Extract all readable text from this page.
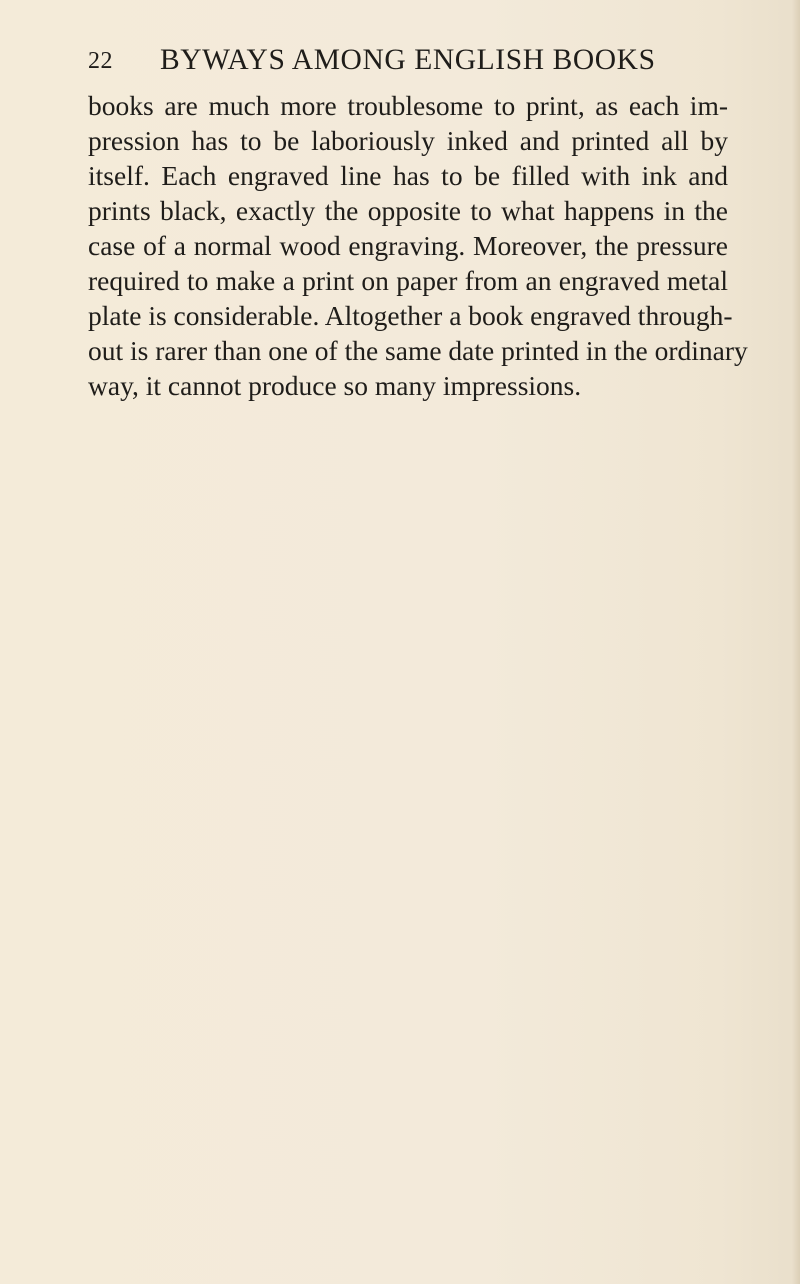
22 BYWAYS AMONG ENGLISH BOOKS
books are much more troublesome to print, as each im-
pression has to be laboriously inked and printed all by
itself. Each engraved line has to be filled with ink and
prints black, exactly the opposite to what happens in the
case of a normal wood engraving. Moreover, the pressure
required to make a print on paper from an engraved metal
plate is considerable. Altogether a book engraved through-
out is rarer than one of the same date printed in the ordinary
way, it cannot produce so many impressions.
